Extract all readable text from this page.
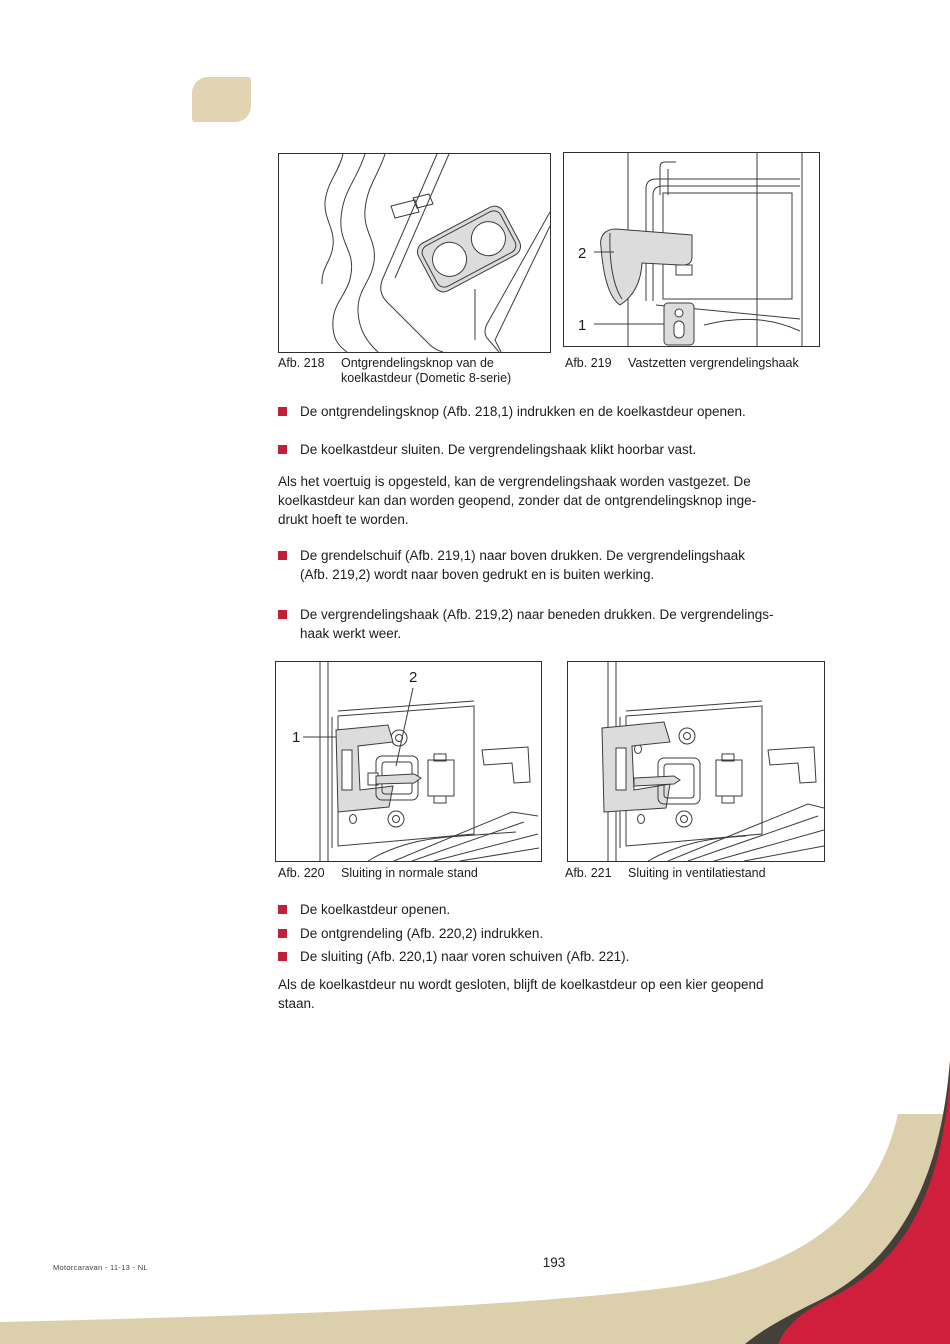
2
1
Afb. 218	Ontgrendelingsknop van de
koelkastdeur (Dometic 8-serie)
Afb. 219	Vastzetten vergrendelingshaak
De ontgrendelingsknop (Afb. 218,1) indrukken en de koelkastdeur openen.
De koelkastdeur sluiten. De vergrendelingshaak klikt hoorbar vast.
Als het voertuig is opgesteld, kan de vergrendelingshaak worden vastgezet. De
koelkastdeur kan dan worden geopend, zonder dat de ontgrendelingsknop inge-
drukt hoeft te worden.
De grendelschuif (Afb. 219,1) naar boven drukken. De vergrendelingshaak
(Afb. 219,2) wordt naar boven gedrukt en is buiten werking.
De vergrendelingshaak (Afb. 219,2) naar beneden drukken. De vergrendelings-
haak werkt weer.
1
2
Afb. 220	Sluiting in normale stand	Afb. 221	Sluiting in ventilatiestand
De koelkastdeur openen.
De ontgrendeling (Afb. 220,2) indrukken.
De sluiting (Afb. 220,1) naar voren schuiven (Afb. 221).
Als de koelkastdeur nu wordt gesloten, blijft de koelkastdeur op een kier geopend
staan.
Motorcaravan - 11-13 - NL	193
